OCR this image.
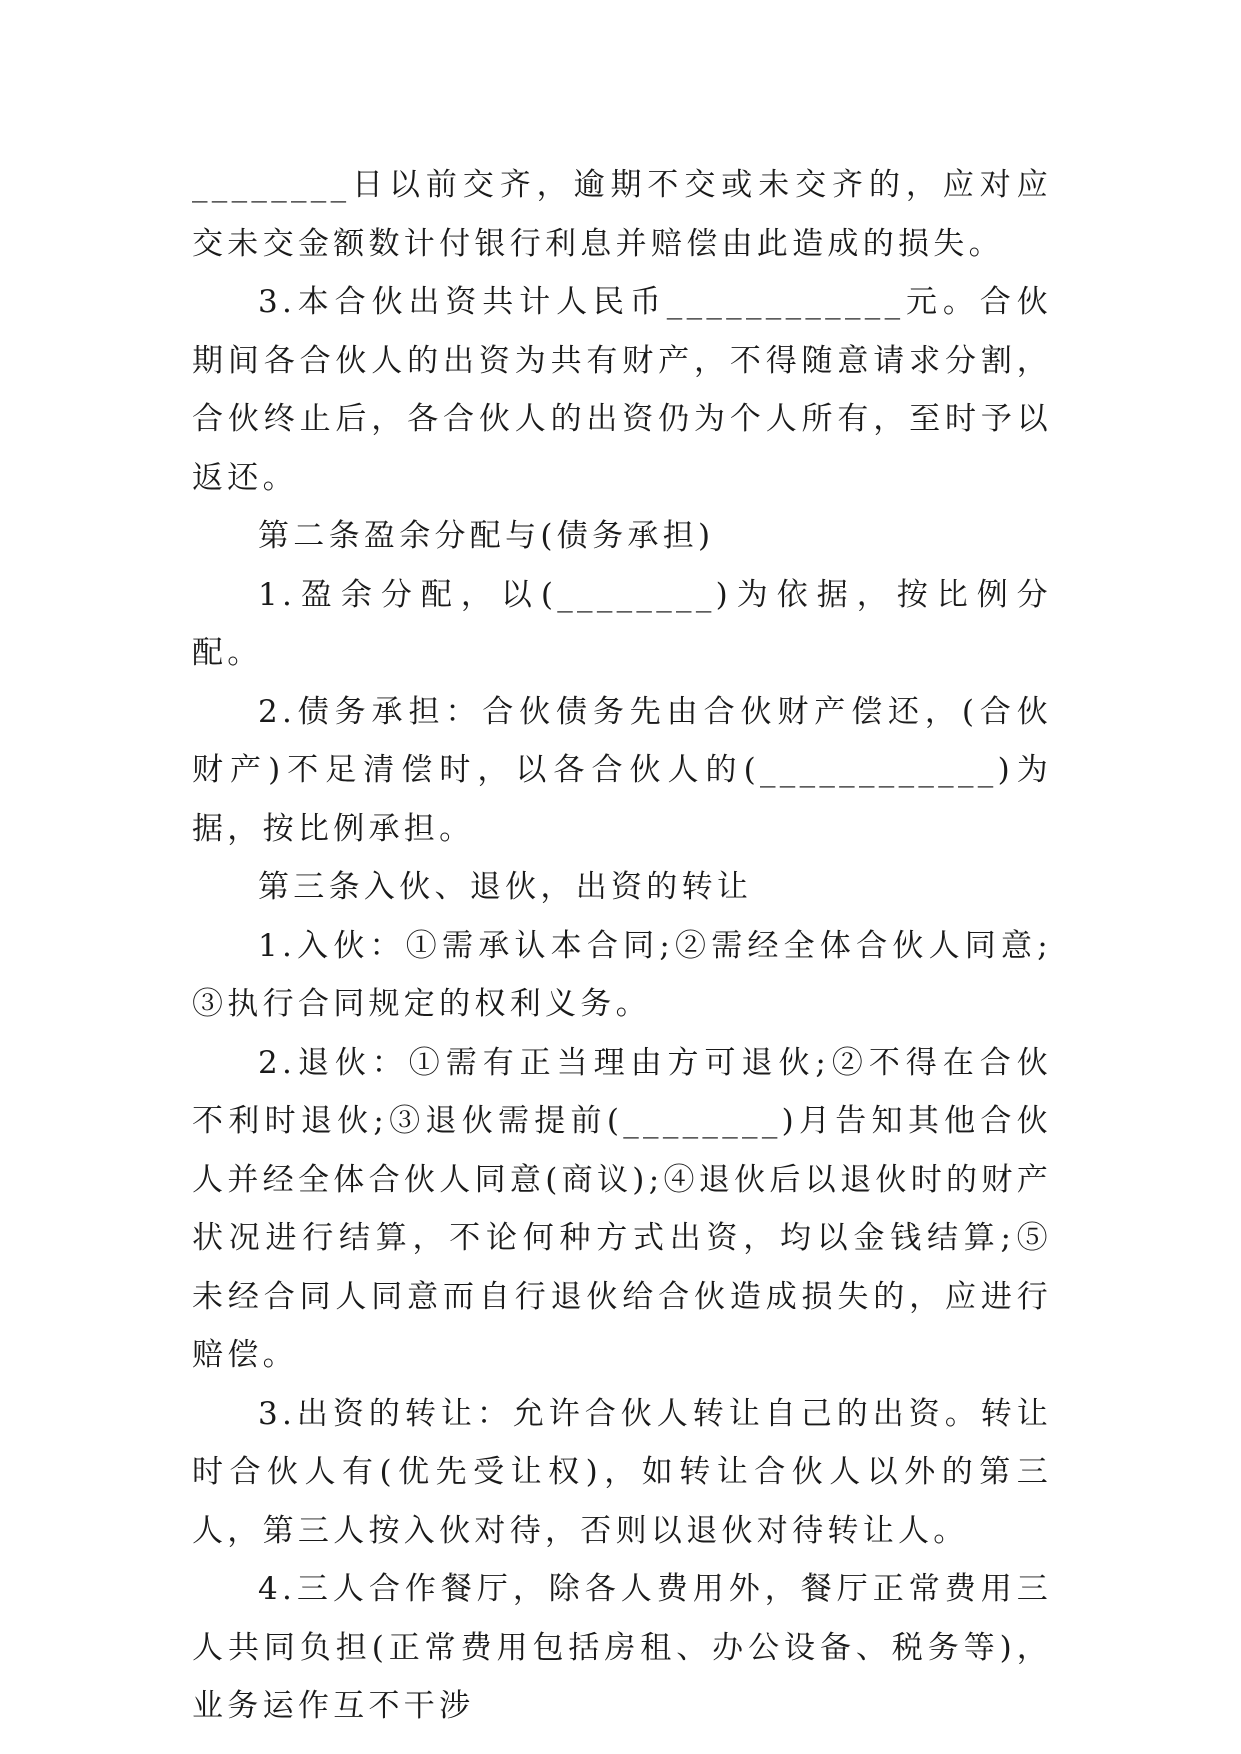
________日以前交齐，逾期不交或未交齐的，应对应交未交金额数计付银行利息并赔偿由此造成的损失。

3.本合伙出资共计人民币____________元。合伙期间各合伙人的出资为共有财产，不得随意请求分割，合伙终止后，各合伙人的出资仍为个人所有，至时予以返还。

第二条盈余分配与(债务承担)

1.盈余分配，以(________)为依据，按比例分配。

2.债务承担：合伙债务先由合伙财产偿还，(合伙财产)不足清偿时，以各合伙人的(____________)为据，按比例承担。

第三条入伙、退伙，出资的转让

1.入伙：①需承认本合同;②需经全体合伙人同意;③执行合同规定的权利义务。

2.退伙：①需有正当理由方可退伙;②不得在合伙不利时退伙;③退伙需提前(________)月告知其他合伙人并经全体合伙人同意(商议);④退伙后以退伙时的财产状况进行结算，不论何种方式出资，均以金钱结算;⑤未经合同人同意而自行退伙给合伙造成损失的，应进行赔偿。

3.出资的转让：允许合伙人转让自己的出资。转让时合伙人有(优先受让权)，如转让合伙人以外的第三人，第三人按入伙对待，否则以退伙对待转让人。

4.三人合作餐厅，除各人费用外，餐厅正常费用三人共同负担(正常费用包括房租、办公设备、税务等)，业务运作互不干涉
